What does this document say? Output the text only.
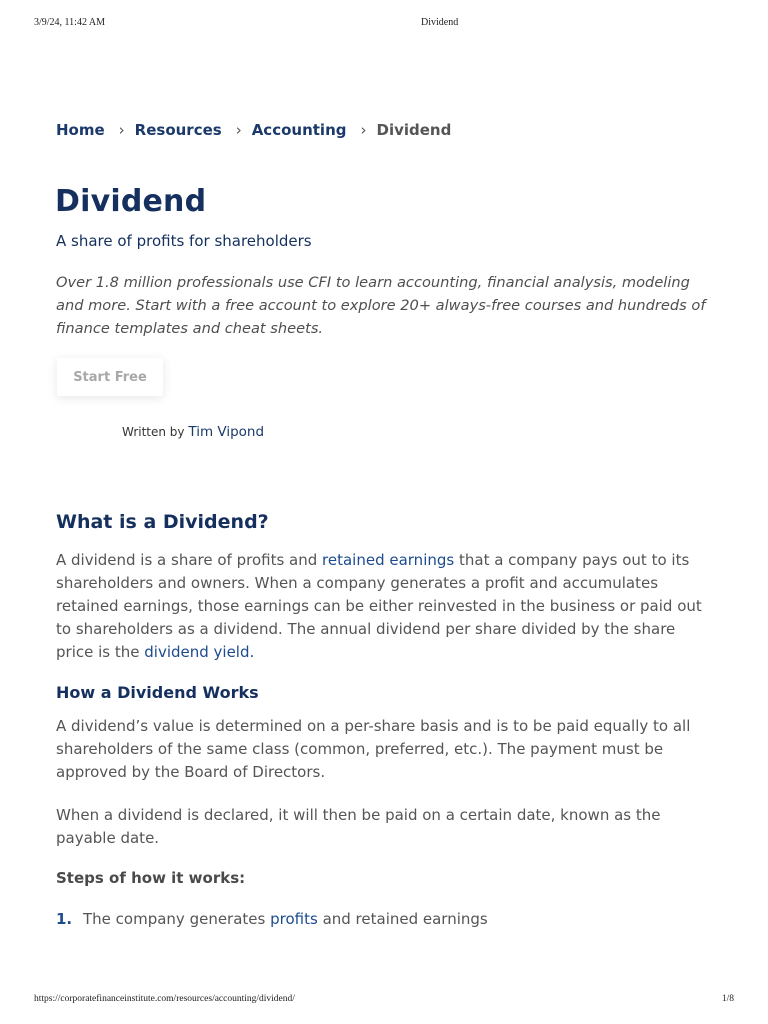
3/9/24, 11:42 AM	Dividend
Home › Resources › Accounting › Dividend
Dividend
A share of profits for shareholders

Over 1.8 million professionals use CFI to learn accounting, financial analysis, modeling and more. Start with a free account to explore 20+ always-free courses and hundreds of finance templates and cheat sheets.

Start Free
Written by Tim Vipond
What is a Dividend?

A dividend is a share of profits and retained earnings that a company pays out to its shareholders and owners. When a company generates a profit and accumulates retained earnings, those earnings can be either reinvested in the business or paid out to shareholders as a dividend. The annual dividend per share divided by the share price is the dividend yield.

How a Dividend Works

A dividend’s value is determined on a per-share basis and is to be paid equally to all shareholders of the same class (common, preferred, etc.). The payment must be approved by the Board of Directors.

When a dividend is declared, it will then be paid on a certain date, known as the payable date.

Steps of how it works:
1. The company generates profits and retained earnings
https://corporatefinanceinstitute.com/resources/accounting/dividend/	1/8
